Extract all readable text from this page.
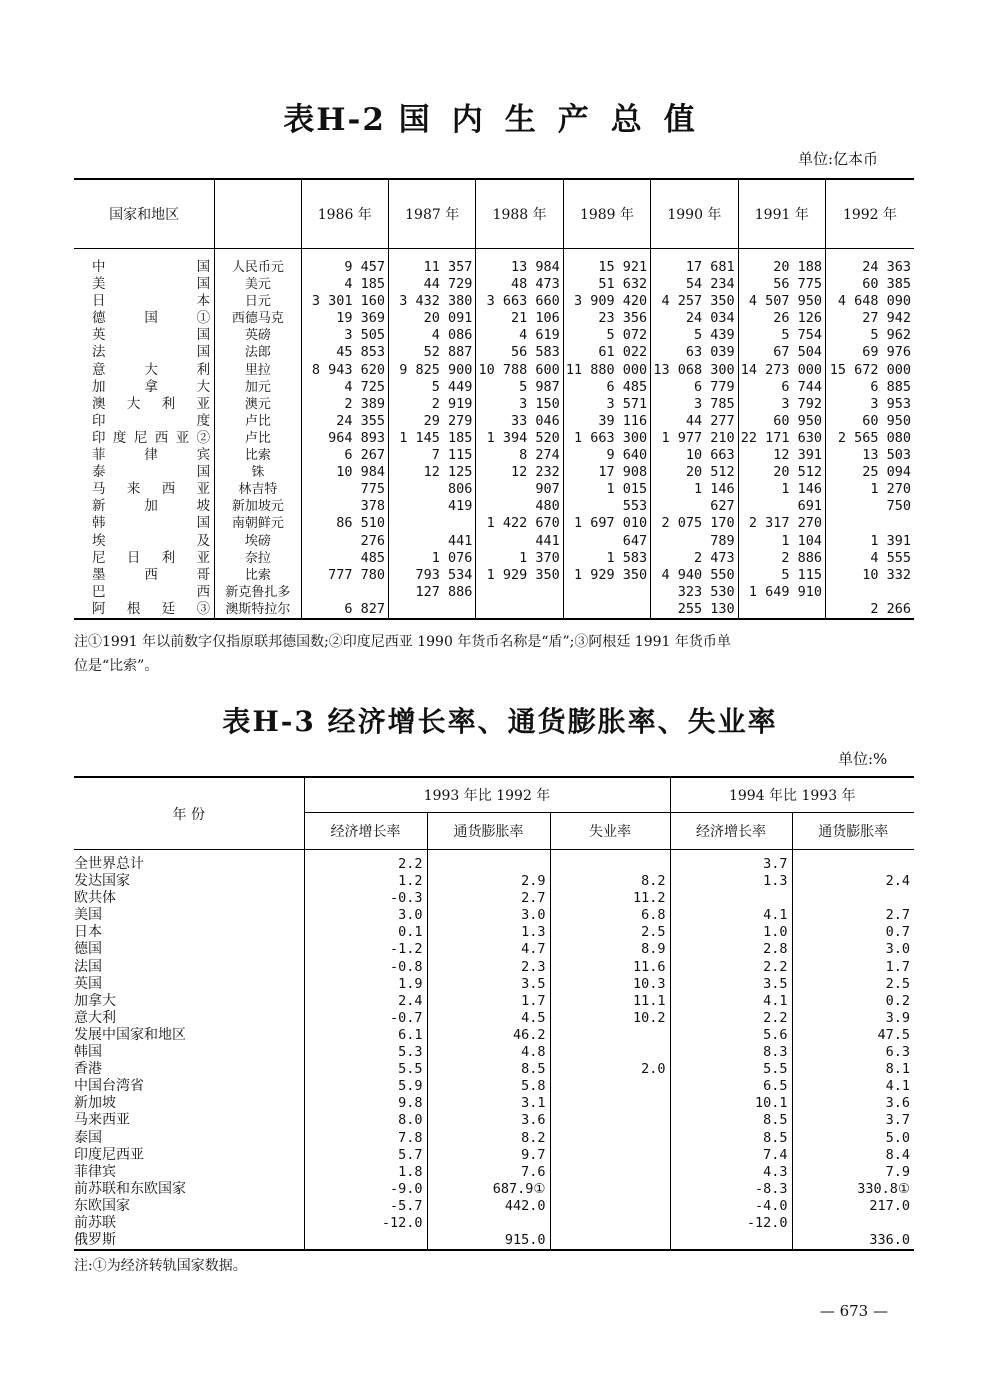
表H-2 国内生产总值
单位:亿本币
国家和地区		1986 年	1987 年	1988 年	1989 年	1990 年	1991 年	1992 年
中国	人民币元	9 457	11 357	13 984	15 921	17 681	20 188	24 363
美国	美元	4 185	44 729	48 473	51 632	54 234	56 775	60 385
日本	日元	3 301 160	3 432 380	3 663 660	3 909 420	4 257 350	4 507 950	4 648 090
德国①	西德马克	19 369	20 091	21 106	23 356	24 034	26 126	27 942
英国	英磅	3 505	4 086	4 619	5 072	5 439	5 754	5 962
法国	法郎	45 853	52 887	56 583	61 022	63 039	67 504	69 976
意大利	里拉	8 943 620	9 825 900	10 788 600	11 880 000	13 068 300	14 273 000	15 672 000
加拿大	加元	4 725	5 449	5 987	6 485	6 779	6 744	6 885
澳大利亚	澳元	2 389	2 919	3 150	3 571	3 785	3 792	3 953
印度	卢比	24 355	29 279	33 046	39 116	44 277	60 950	60 950
印度尼西亚②	卢比	964 893	1 145 185	1 394 520	1 663 300	1 977 210	22 171 630	2 565 080
菲律宾	比索	6 267	7 115	8 274	9 640	10 663	12 391	13 503
泰国	铢	10 984	12 125	12 232	17 908	20 512	20 512	25 094
马来西亚	林吉特	775	806	907	1 015	1 146	1 146	1 270
新加坡	新加坡元	378	419	480	553	627	691	750
韩国	南朝鲜元	86 510		1 422 670	1 697 010	2 075 170	2 317 270	
埃及	埃磅	276	441	441	647	789	1 104	1 391
尼日利亚	奈拉	485	1 076	1 370	1 583	2 473	2 886	4 555
墨西哥	比索	777 780	793 534	1 929 350	1 929 350	4 940 550	5 115	10 332
巴西	新克鲁扎多		127 886			323 530	1 649 910	
阿根廷③	澳斯特拉尔	6 827				255 130		2 266
注①1991 年以前数字仅指原联邦德国数;②印度尼西亚 1990 年货币名称是“盾”;③阿根廷 1991 年货币单
位是“比索”。
表H-3 经济增长率、通货膨胀率、失业率
单位:%
年 份	1993 年比 1992 年			1994 年比 1993 年	
	经济增长率	通货膨胀率	失业率	经济增长率	通货膨胀率
全世界总计	2.2			3.7	
发达国家	1.2	2.9	8.2	1.3	2.4
欧共体	-0.3	2.7	11.2		
美国	3.0	3.0	6.8	4.1	2.7
日本	0.1	1.3	2.5	1.0	0.7
德国	-1.2	4.7	8.9	2.8	3.0
法国	-0.8	2.3	11.6	2.2	1.7
英国	1.9	3.5	10.3	3.5	2.5
加拿大	2.4	1.7	11.1	4.1	0.2
意大利	-0.7	4.5	10.2	2.2	3.9
发展中国家和地区	6.1	46.2		5.6	47.5
韩国	5.3	4.8		8.3	6.3
香港	5.5	8.5	2.0	5.5	8.1
中国台湾省	5.9	5.8		6.5	4.1
新加坡	9.8	3.1		10.1	3.6
马来西亚	8.0	3.6		8.5	3.7
泰国	7.8	8.2		8.5	5.0
印度尼西亚	5.7	9.7		7.4	8.4
菲律宾	1.8	7.6		4.3	7.9
前苏联和东欧国家	-9.0	687.9①		-8.3	330.8①
东欧国家	-5.7	442.0		-4.0	217.0
前苏联	-12.0			-12.0	
俄罗斯		915.0			336.0
注:①为经济转轨国家数据。
— 673 —
